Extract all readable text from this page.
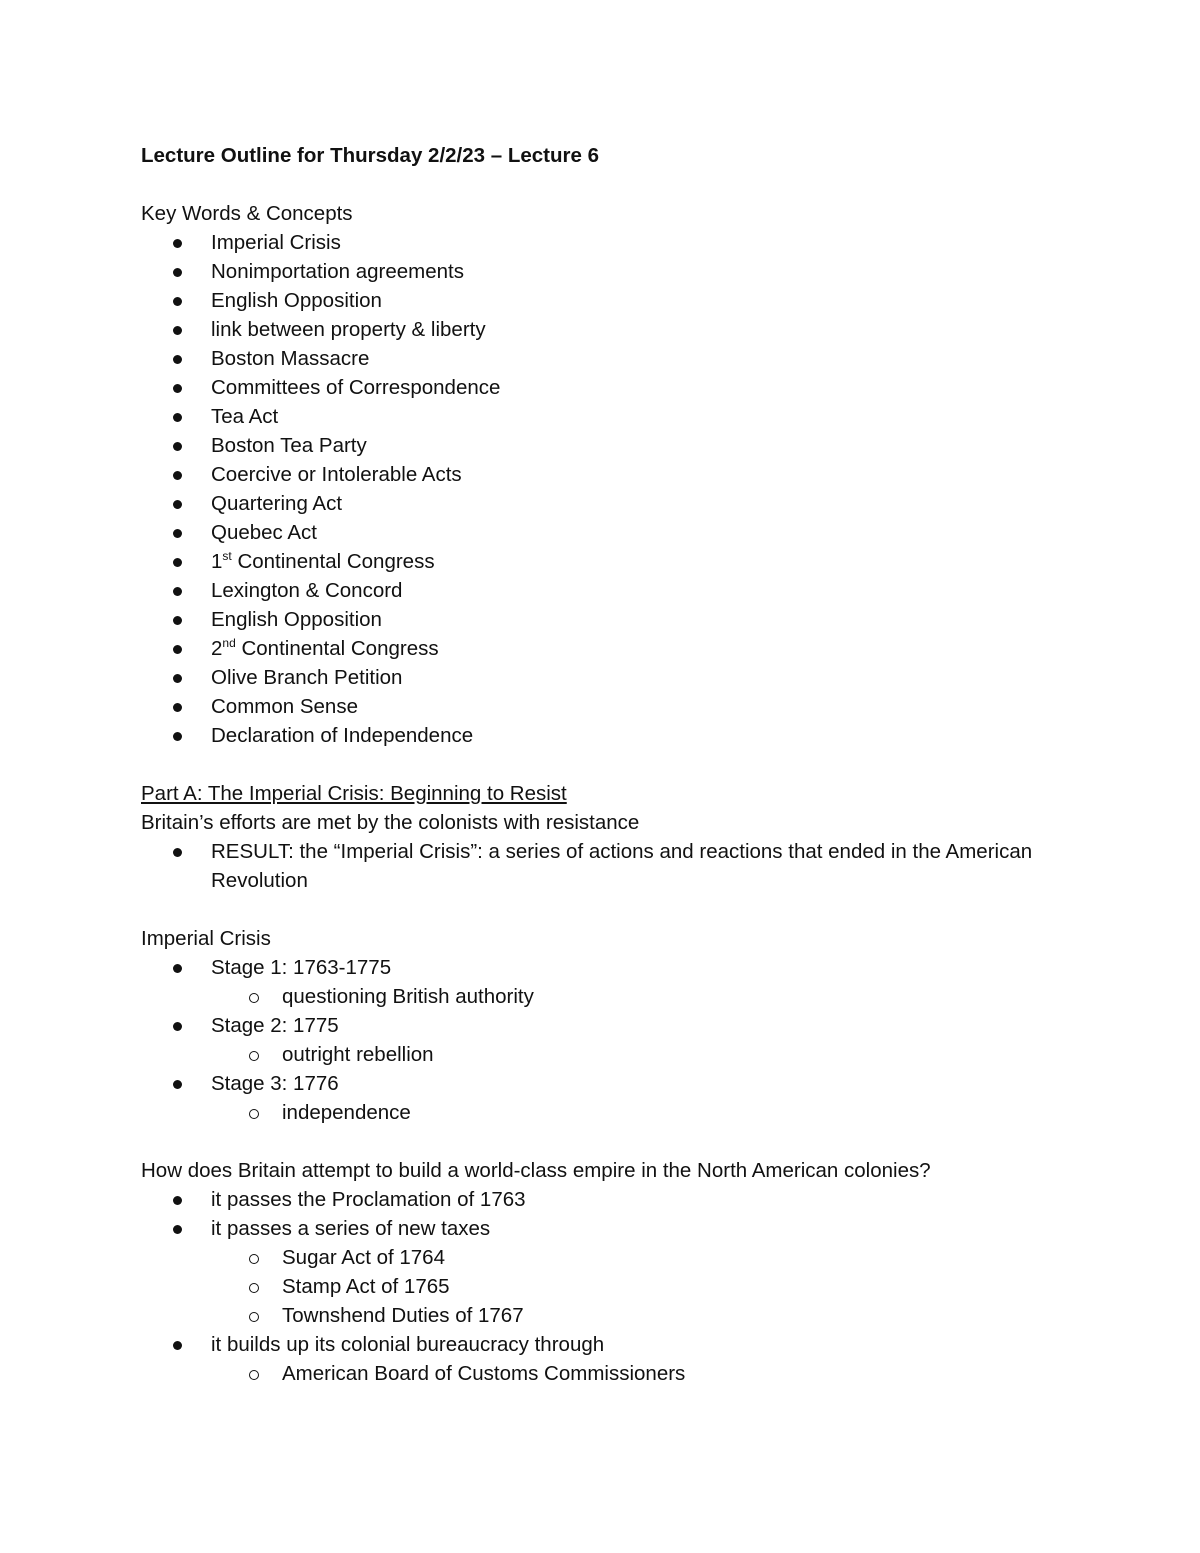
Lecture Outline for Thursday 2/2/23 – Lecture 6

Key Words & Concepts

Imperial Crisis
Nonimportation agreements
English Opposition
link between property & liberty
Boston Massacre
Committees of Correspondence
Tea Act
Boston Tea Party
Coercive or Intolerable Acts
Quartering Act
Quebec Act
1st Continental Congress
Lexington & Concord
English Opposition
2nd Continental Congress
Olive Branch Petition
Common Sense
Declaration of Independence

Part A: The Imperial Crisis: Beginning to Resist

Britain’s efforts are met by the colonists with resistance

RESULT: the “Imperial Crisis”: a series of actions and reactions that ended in the American Revolution

Imperial Crisis

Stage 1: 1763-1775
questioning British authority
Stage 2: 1775
outright rebellion
Stage 3: 1776
independence

How does Britain attempt to build a world-class empire in the North American colonies?

it passes the Proclamation of 1763
it passes a series of new taxes
Sugar Act of 1764
Stamp Act of 1765
Townshend Duties of 1767
it builds up its colonial bureaucracy through
American Board of Customs Commissioners
